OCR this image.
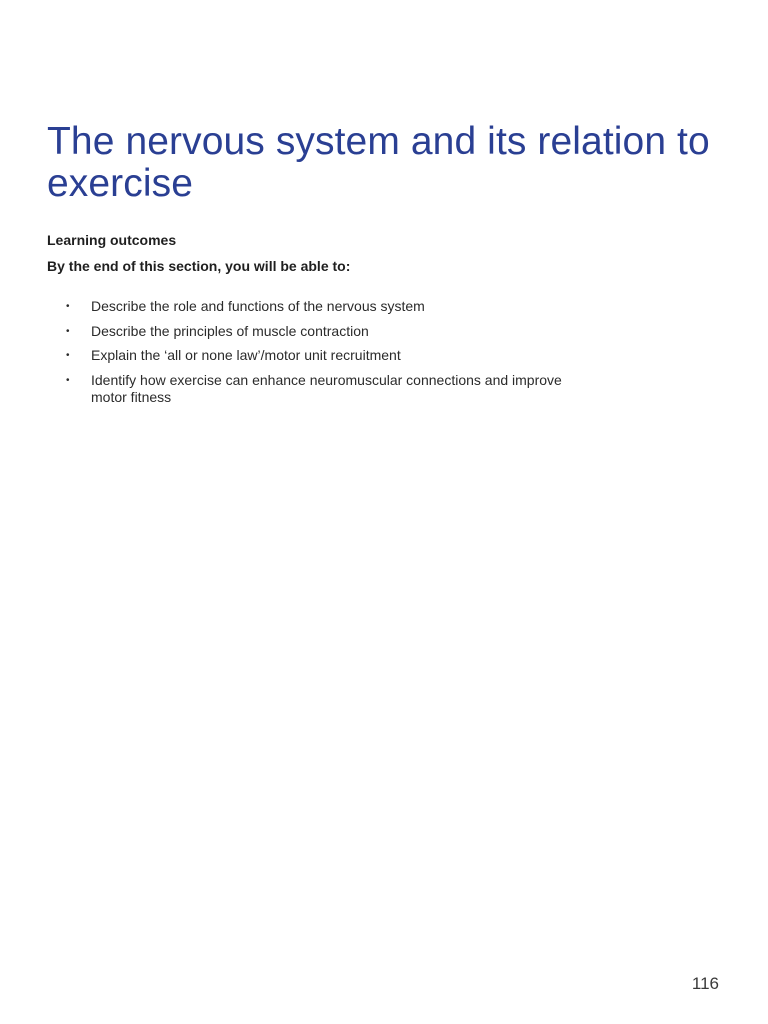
The nervous system and its relation to exercise

Learning outcomes

By the end of this section, you will be able to:

• Describe the role and functions of the nervous system
• Describe the principles of muscle contraction
• Explain the ‘all or none law’/motor unit recruitment
• Identify how exercise can enhance neuromuscular connections and improve motor fitness

116
